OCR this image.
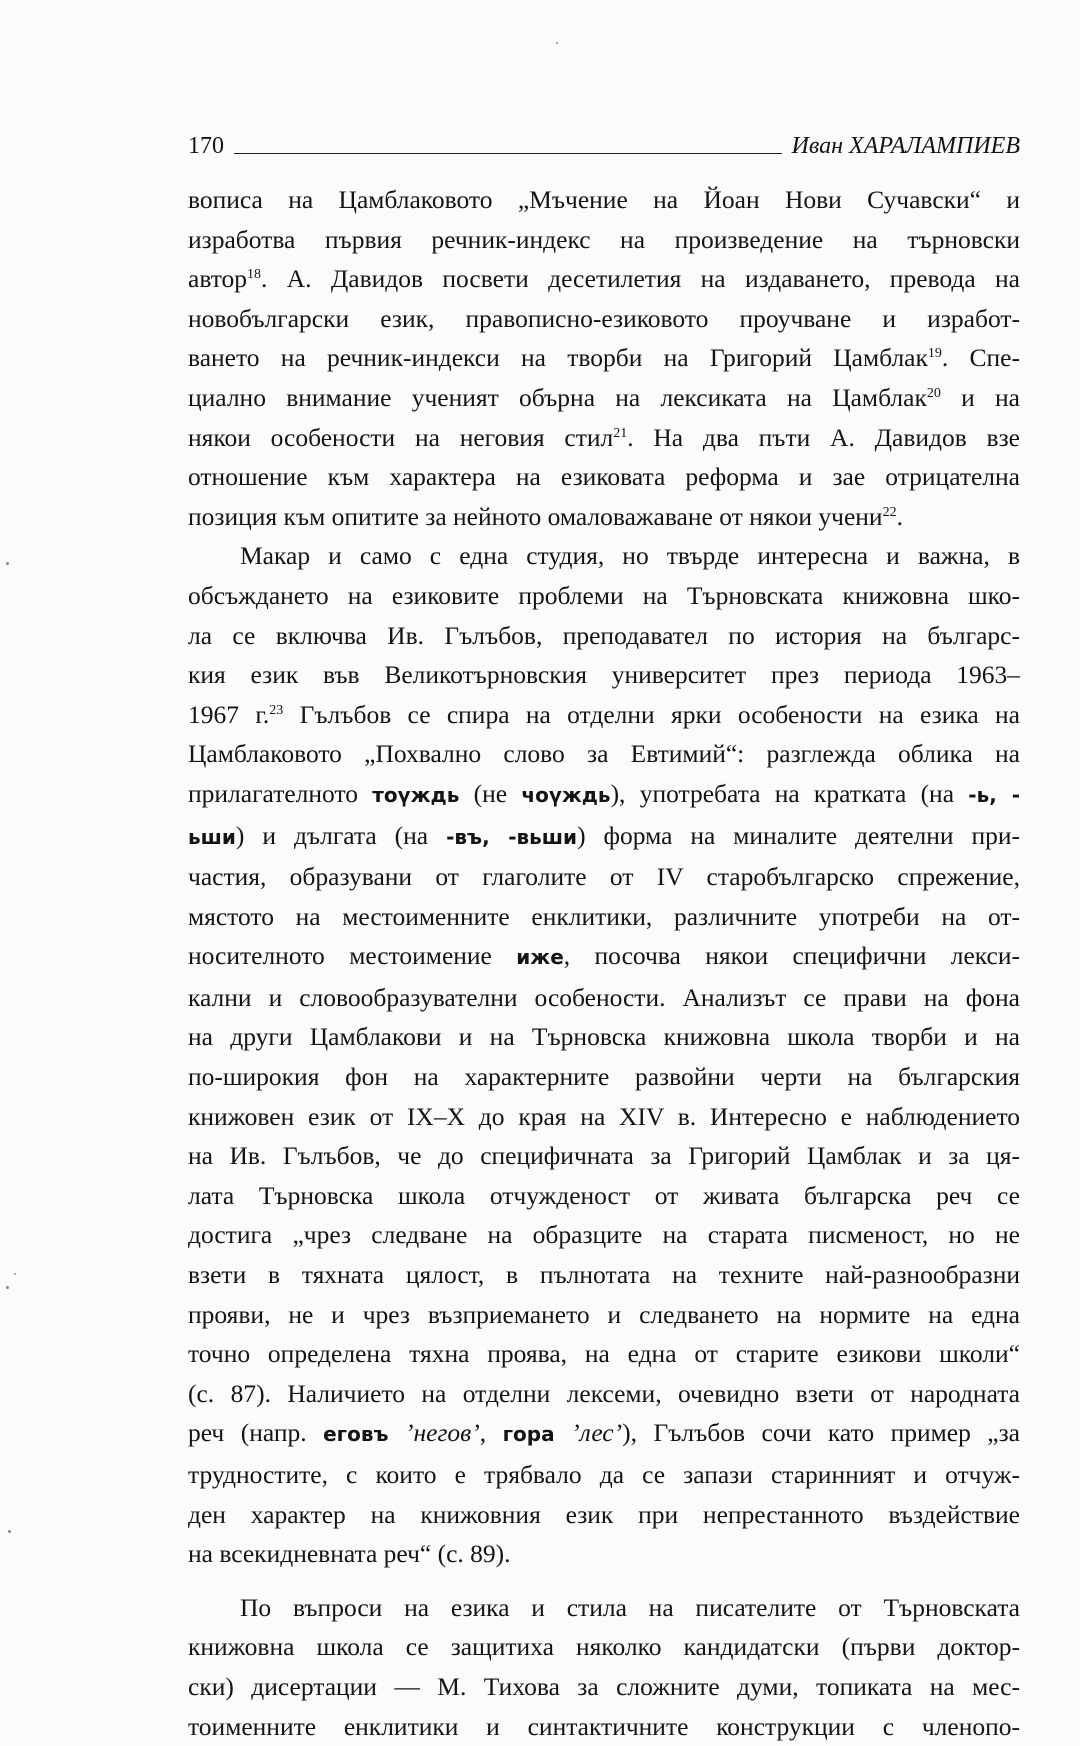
170	Иван ХАРАЛАМПИЕВ
вописа на Цамблаковото „Мъчение на Йоан Нови Сучавски“ и
изработва първия речник-индекс на произведение на търновски
автор$^{18}$. А. Давидов посвети десетилетия на издаването, превода на
новобългарски език, правописно-езиковото проучване и изработ-
ването на речник-индекси на творби на Григорий Цамблак$^{19}$. Спе-
циално внимание ученият обърна на лексиката на Цамблак$^{20}$ и на
някои особености на неговия стил$^{21}$. На два пъти А. Давидов взе
отношение към характера на езиковата реформа и зае отрицателна
позиция към опитите за нейното омаловажаване от някои учени$^{22}$.
Макар и само с една студия, но твърде интересна и важна, в
обсъждането на езиковите проблеми на Търновската книжовна шко-
ла се включва Ив. Гълъбов, преподавател по история на българс-
кия език във Великотърновския университет през периода 1963–
1967 г.$^{23}$ Гълъбов се спира на отделни ярки особености на езика на
Цамблаковото „Похвално слово за Евтимий“: разглежда облика на
прилагателното тоүждь (не чоүждь), употребата на кратката (на -ь, -
ьши) и дългата (на -въ, -вьши) форма на миналите деятелни при-
частия, образувани от глаголите от IV старобългарско спрежение,
мястото на местоименните енклитики, различните употреби на от-
носителното местоимение иже, посочва някои специфични лекси-
кални и словообразувателни особености. Анализът се прави на фона
на други Цамблакови и на Търновска книжовна школа творби и на
по-широкия фон на характерните развойни черти на българския
книжовен език от IX–X до края на XIV в. Интересно е наблюдението
на Ив. Гълъбов, че до специфичната за Григорий Цамблак и за ця-
лата Търновска школа отчужденост от живата българска реч се
достига „чрез следване на образците на старата писменост, но не
взети в тяхната цялост, в пълнотата на техните най-разнообразни
прояви, не и чрез възприемането и следването на нормите на една
точно определена тяхна проява, на една от старите езикови школи“
(с. 87). Наличието на отделни лексеми, очевидно взети от народната
реч (напр. еговъ ’негов’, гора ’лес’), Гълъбов сочи като пример „за
трудностите, с които е трябвало да се запази старинният и отчуж-
ден характер на книжовния език при непрестанното въздействие
на всекидневната реч“ (с. 89).
По въпроси на езика и стила на писателите от Търновската
книжовна школа се защитиха няколко кандидатски (първи доктор-
ски) дисертации — М. Тихова за сложните думи, топиката на мес-
тоименните енклитики и синтактичните конструкции с членопо-
